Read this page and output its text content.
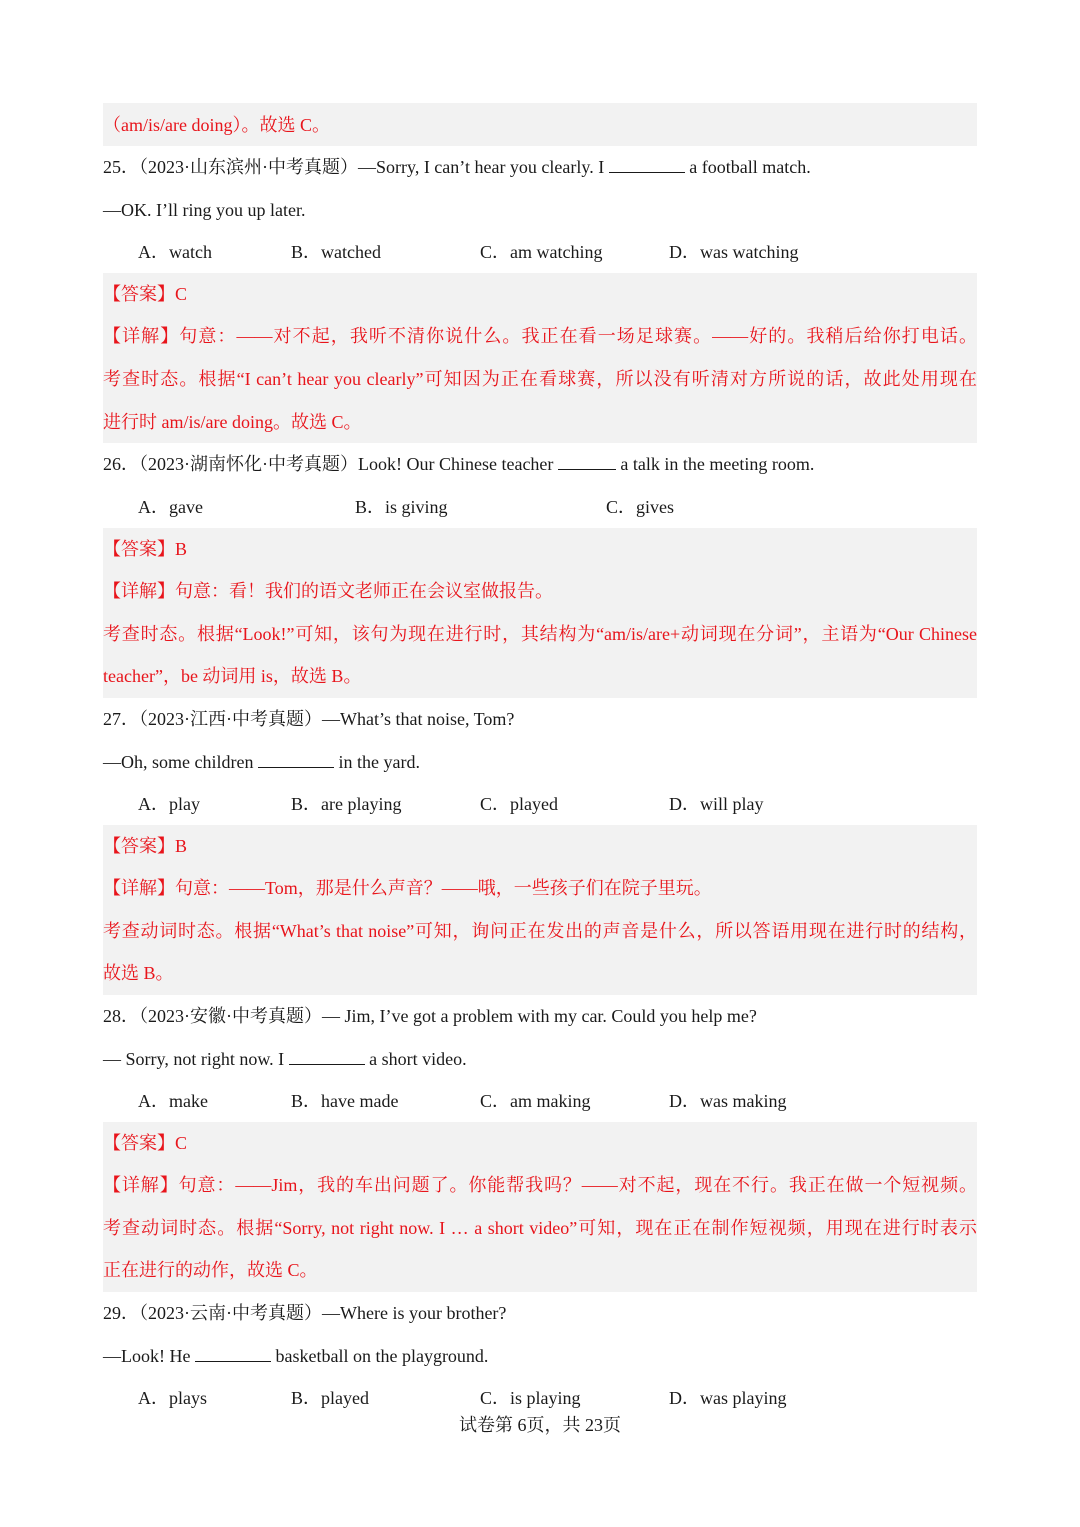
（am/is/are doing）。故选 C。
25．（2023·山东滨州·中考真题）—Sorry, I can’t hear you clearly. I	a football match.
—OK. I’ll ring you up later.
A．watch	B．watched	C．am watching	D．was watching
【答案】C
【详解】句意：——对不起，我听不清你说什么。我正在看一场足球赛。——好的。我稍后给你打电话。
考查时态。根据“I can’t hear you clearly”可知因为正在看球赛，所以没有听清对方所说的话，故此处用现在
进行时 am/is/are doing。故选 C。
26．（2023·湖南怀化·中考真题）Look! Our Chinese teacher	a talk in the meeting room.
A．gave	B．is giving	C．gives
【答案】B
【详解】句意：看！我们的语文老师正在会议室做报告。
考查时态。根据“Look!”可知，该句为现在进行时，其结构为“am/is/are+动词现在分词”，主语为“Our Chinese
teacher”，be 动词用 is，故选 B。
27．（2023·江西·中考真题）—What’s that noise, Tom?
—Oh, some children	in the yard.
A．play	B．are playing	C．played	D．will play
【答案】B
【详解】句意：——Tom，那是什么声音？——哦，一些孩子们在院子里玩。
考查动词时态。根据“What’s that noise”可知，询问正在发出的声音是什么，所以答语用现在进行时的结构，
故选 B。
28．（2023·安徽·中考真题）— Jim, I’ve got a problem with my car. Could you help me?
— Sorry, not right now. I	a short video.
A．make	B．have made	C．am making	D．was making
【答案】C
【详解】句意：——Jim，我的车出问题了。你能帮我吗？——对不起，现在不行。我正在做一个短视频。
考查动词时态。根据“Sorry, not right now. I … a short video”可知，现在正在制作短视频，用现在进行时表示
正在进行的动作，故选 C。
29．（2023·云南·中考真题）—Where is your brother?
—Look! He	basketball on the playground.
A．plays	B．played	C．is playing	D．was playing
试卷第 6页，共 23页
